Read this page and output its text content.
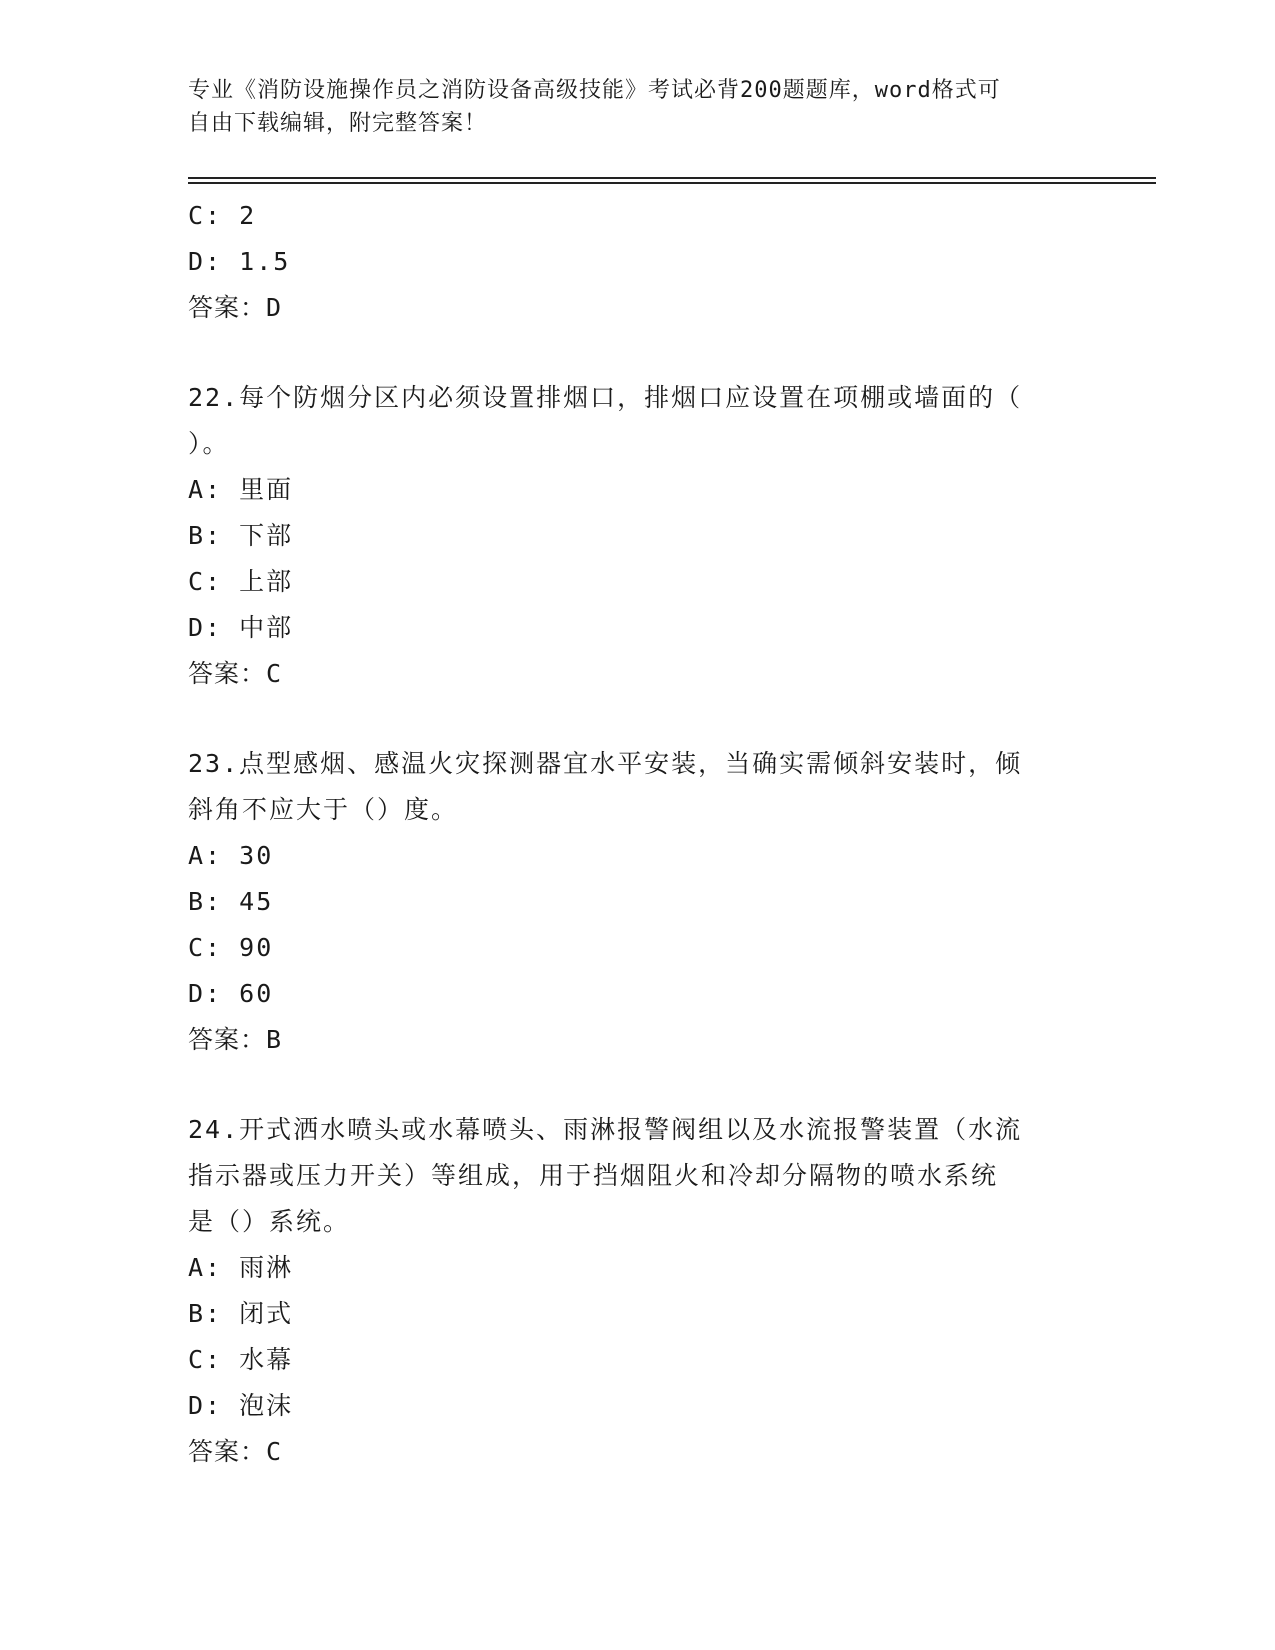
专业《消防设施操作员之消防设备高级技能》考试必背200题题库，word格式可
自由下载编辑，附完整答案！
C: 2
D: 1.5
答案：D
22.每个防烟分区内必须设置排烟口，排烟口应设置在项棚或墙面的（
）。
A: 里面
B: 下部
C: 上部
D: 中部
答案：C
23.点型感烟、感温火灾探测器宜水平安装，当确实需倾斜安装时，倾
斜角不应大于（）度。
A: 30
B: 45
C: 90
D: 60
答案：B
24.开式洒水喷头或水幕喷头、雨淋报警阀组以及水流报警装置（水流
指示器或压力开关）等组成，用于挡烟阻火和冷却分隔物的喷水系统
是（）系统。
A: 雨淋
B: 闭式
C: 水幕
D: 泡沫
答案：C
